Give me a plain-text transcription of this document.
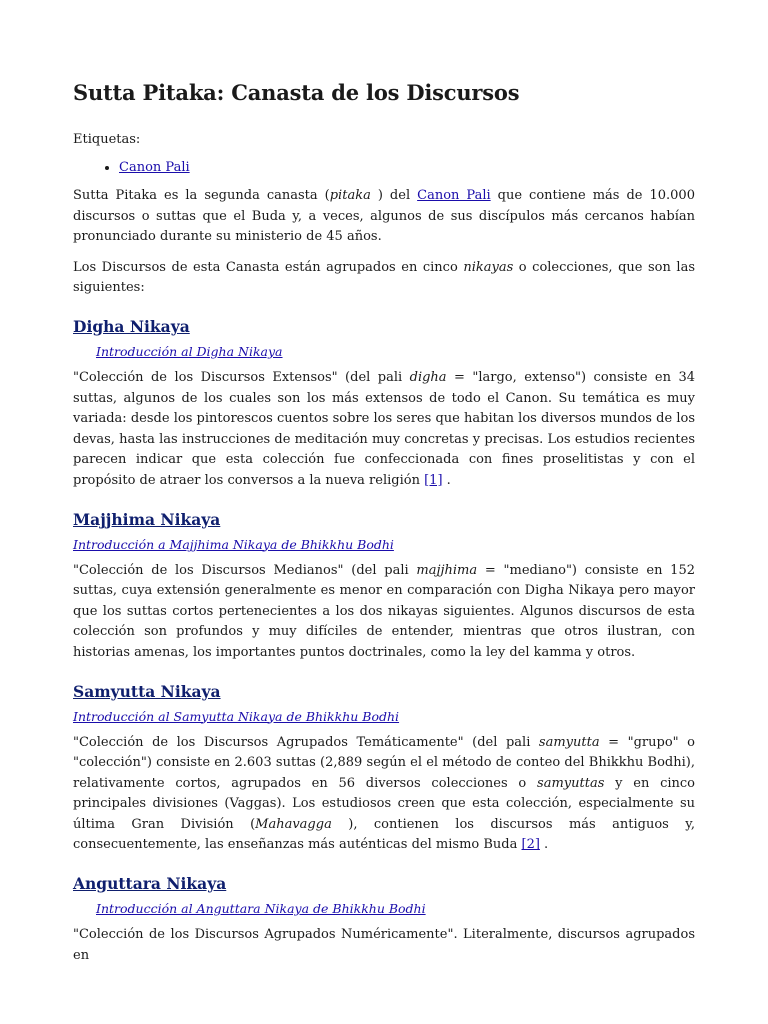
Sutta Pitaka: Canasta de los Discursos
Etiquetas:
• Canon Pali

Sutta Pitaka es la segunda canasta (pitaka ) del Canon Pali que contiene más de 10.000 discursos o suttas que el Buda y, a veces, algunos de sus discípulos más cercanos habían pronunciado durante su ministerio de 45 años.

Los Discursos de esta Canasta están agrupados en cinco nikayas o colecciones, que son las siguientes:

Digha Nikaya
Introducción al Digha Nikaya

"Colección de los Discursos Extensos" (del pali digha = "largo, extenso") consiste en 34 suttas, algunos de los cuales son los más extensos de todo el Canon. Su temática es muy variada: desde los pintorescos cuentos sobre los seres que habitan los diversos mundos de los devas, hasta las instrucciones de meditación muy concretas y precisas. Los estudios recientes parecen indicar que esta colección fue confeccionada con fines proselitistas y con el propósito de atraer los conversos a la nueva religión [1] .

Majjhima Nikaya
Introducción a Majjhima Nikaya de Bhikkhu Bodhi

"Colección de los Discursos Medianos" (del pali majjhima = "mediano") consiste en 152 suttas, cuya extensión generalmente es menor en comparación con Digha Nikaya pero mayor que los suttas cortos pertenecientes a los dos nikayas siguientes. Algunos discursos de esta colección son profundos y muy difíciles de entender, mientras que otros ilustran, con historias amenas, los importantes puntos doctrinales, como la ley del kamma y otros.

Samyutta Nikaya
Introducción al Samyutta Nikaya de Bhikkhu Bodhi

"Colección de los Discursos Agrupados Temáticamente" (del pali samyutta = "grupo" o "colección") consiste en 2.603 suttas (2,889 según el el método de conteo del Bhikkhu Bodhi), relativamente cortos, agrupados en 56 diversos colecciones o samyuttas y en cinco principales divisiones (Vaggas). Los estudiosos creen que esta colección, especialmente su última Gran División (Mahavagga ), contienen los discursos más antiguos y, consecuentemente, las enseñanzas más auténticas del mismo Buda [2] .

Anguttara Nikaya
Introducción al Anguttara Nikaya de Bhikkhu Bodhi

"Colección de los Discursos Agrupados Numéricamente". Literalmente, discursos agrupados en
